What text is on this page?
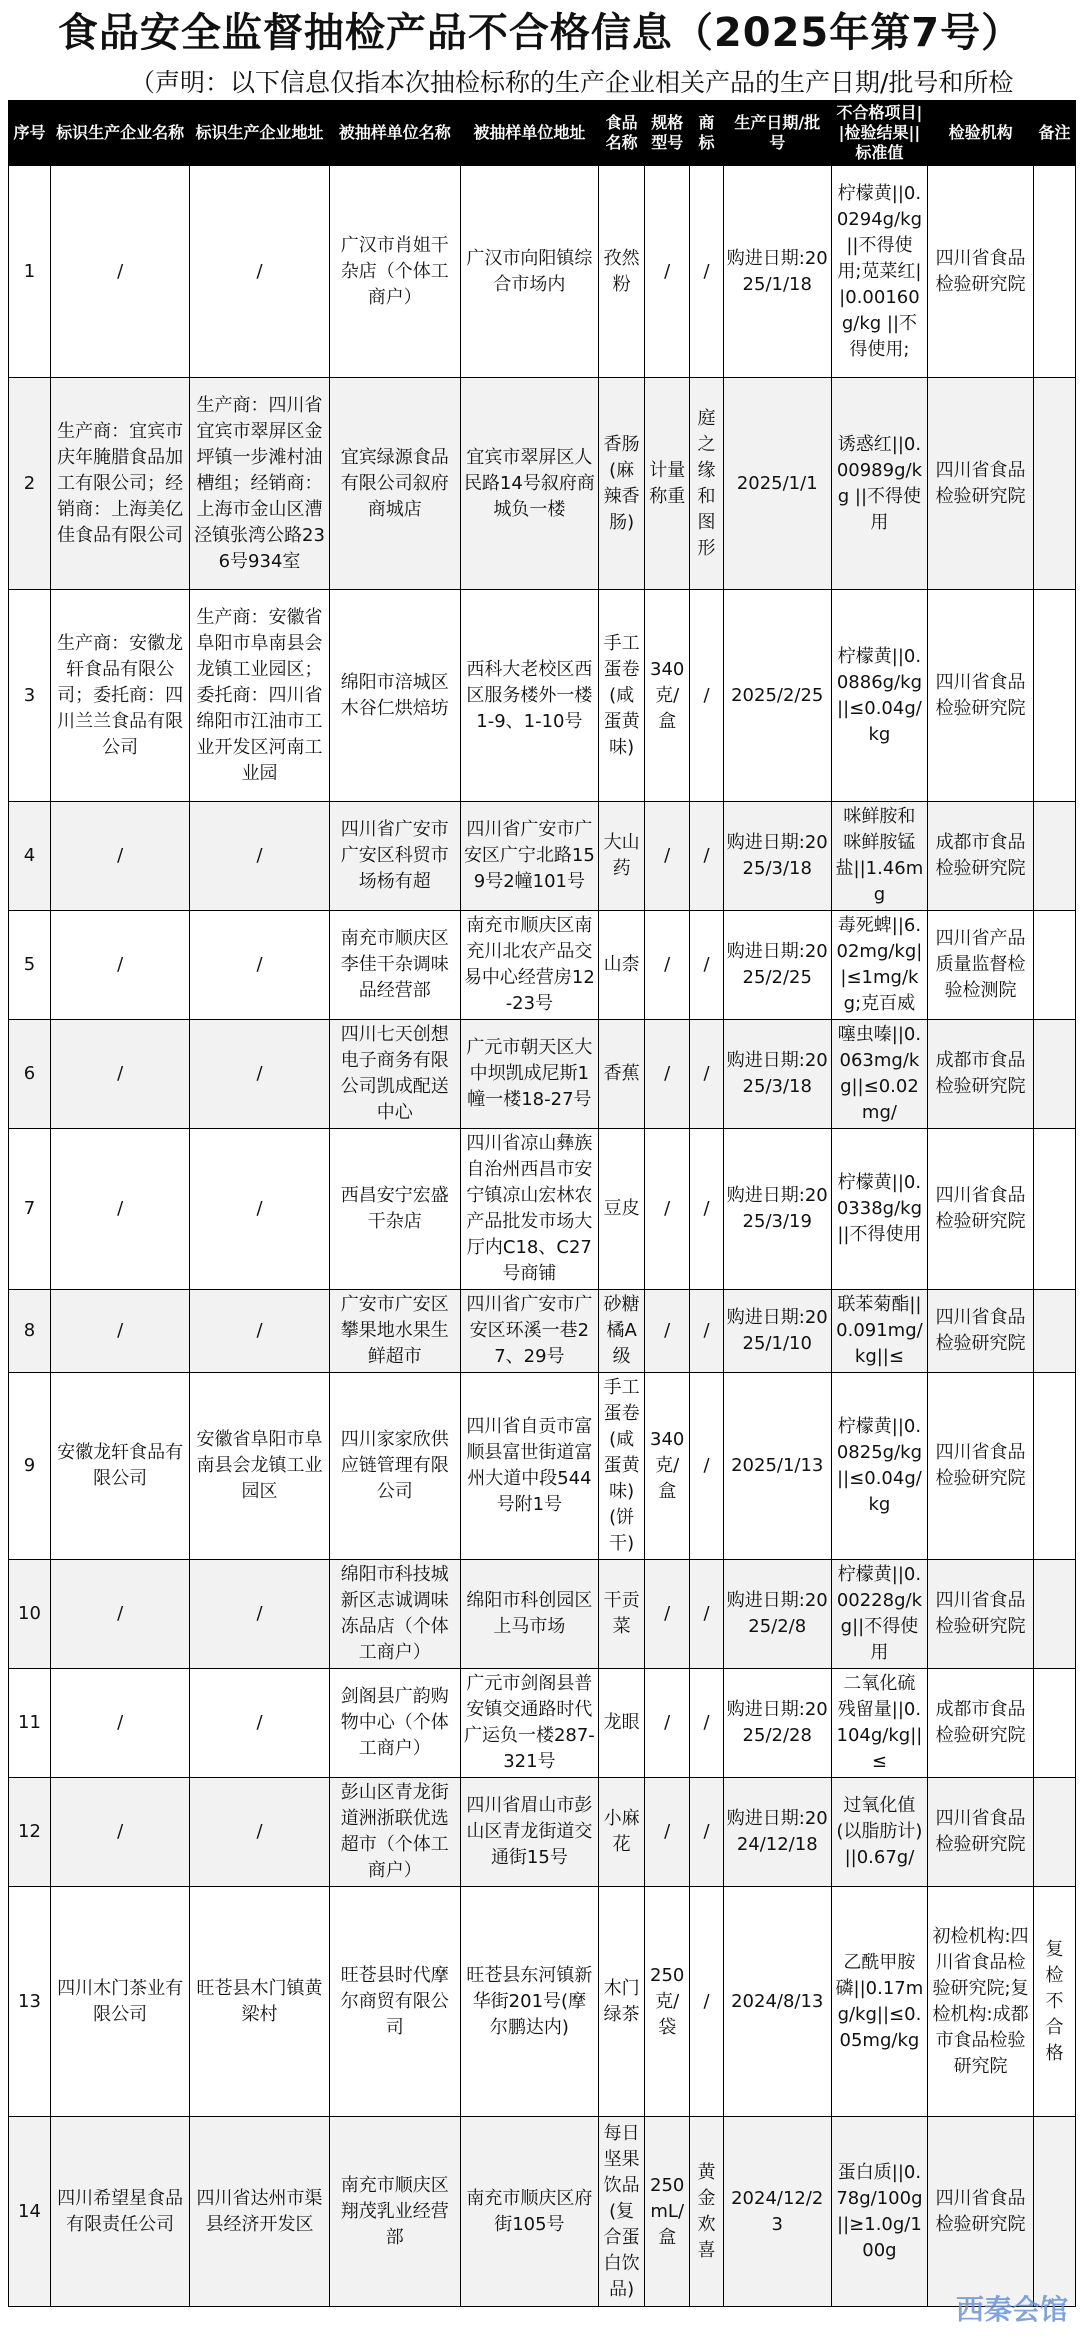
食品安全监督抽检产品不合格信息（2025年第7号）
（声明：以下信息仅指本次抽检标称的生产企业相关产品的生产日期/批号和所检
序号	标识生产企业名称	标识生产企业地址	被抽样单位名称	被抽样单位地址	食品名称	规格型号	商标	生产日期/批号	不合格项目||检验结果||标准值	检验机构	备注
1	/	/	广汉市肖姐干杂店（个体工商户）	广汉市向阳镇综合市场内	孜然粉	/	/	购进日期:2025/1/18	柠檬黄||0.0294g/kg ||不得使用;苋菜红||0.00160g/kg ||不得使用;	四川省食品检验研究院	
2	生产商：宜宾市庆年腌腊食品加工有限公司；经销商：上海美亿佳食品有限公司	生产商：四川省宜宾市翠屏区金坪镇一步滩村油槽组；经销商：上海市金山区漕泾镇张湾公路236号934室	宜宾绿源食品有限公司叙府商城店	宜宾市翠屏区人民路14号叙府商城负一楼	香肠(麻辣香肠)	计量称重	庭之缘和图形	2025/1/1	诱惑红||0.00989g/kg ||不得使用	四川省食品检验研究院	
3	生产商：安徽龙轩食品有限公司；委托商：四川兰兰食品有限公司	生产商：安徽省阜阳市阜南县会龙镇工业园区；委托商：四川省绵阳市江油市工业开发区河南工业园	绵阳市涪城区木谷仁烘焙坊	西科大老校区西区服务楼外一楼1-9、1-10号	手工蛋卷(咸蛋黄味)	340克/盒	/	2025/2/25	柠檬黄||0.0886g/kg ||≤0.04g/kg	四川省食品检验研究院	
4	/	/	四川省广安市广安区科贸市场杨有超	四川省广安市广安区广宁北路159号2幢101号	大山药	/	/	购进日期:2025/3/18	咪鲜胺和咪鲜胺锰盐||1.46mg	成都市食品检验研究院	
5	/	/	南充市顺庆区李佳干杂调味品经营部	南充市顺庆区南充川北农产品交易中心经营房12-23号	山柰	/	/	购进日期:2025/2/25	毒死蜱||6.02mg/kg||≤1mg/kg;克百威	四川省产品质量监督检验检测院	
6	/	/	四川七天创想电子商务有限公司凯成配送中心	广元市朝天区大中坝凯成尼斯1幢一楼18-27号	香蕉	/	/	购进日期:2025/3/18	噻虫嗪||0.063mg/kg||≤0.02mg/	成都市食品检验研究院	
7	/	/	西昌安宁宏盛干杂店	四川省凉山彝族自治州西昌市安宁镇凉山宏林农产品批发市场大厅内C18、C27号商铺	豆皮	/	/	购进日期:2025/3/19	柠檬黄||0.0338g/kg||不得使用	四川省食品检验研究院	
8	/	/	广安市广安区攀果地水果生鲜超市	四川省广安市广安区环溪一巷27、29号	砂糖橘A级	/	/	购进日期:2025/1/10	联苯菊酯||0.091mg/kg||≤	四川省食品检验研究院	
9	安徽龙轩食品有限公司	安徽省阜阳市阜南县会龙镇工业园区	四川家家欣供应链管理有限公司	四川省自贡市富顺县富世街道富州大道中段544号附1号	手工蛋卷(咸蛋黄味)(饼干)	340克/盒	/	2025/1/13	柠檬黄||0.0825g/kg||≤0.04g/kg	四川省食品检验研究院	
10	/	/	绵阳市科技城新区志诚调味冻品店（个体工商户）	绵阳市科创园区上马市场	干贡菜	/	/	购进日期:2025/2/8	柠檬黄||0.00228g/kg||不得使用	四川省食品检验研究院	
11	/	/	剑阁县广韵购物中心（个体工商户）	广元市剑阁县普安镇交通路时代广运负一楼287-321号	龙眼	/	/	购进日期:2025/2/28	二氧化硫残留量||0.104g/kg||≤	成都市食品检验研究院	
12	/	/	彭山区青龙街道洲浙联优选超市（个体工商户）	四川省眉山市彭山区青龙街道交通街15号	小麻花	/	/	购进日期:2024/12/18	过氧化值(以脂肪计)||0.67g/	四川省食品检验研究院	
13	四川木门茶业有限公司	旺苍县木门镇黄梁村	旺苍县时代摩尔商贸有限公司	旺苍县东河镇新华街201号(摩尔鹏达内)	木门绿茶	250克/袋	/	2024/8/13	乙酰甲胺磷||0.17mg/kg||≤0.05mg/kg	初检机构:四川省食品检验研究院;复检机构:成都市食品检验研究院	复检不合格
14	四川希望星食品有限责任公司	四川省达州市渠县经济开发区	南充市顺庆区翔茂乳业经营部	南充市顺庆区府街105号	每日坚果饮品(复合蛋白饮品)	250mL/盒	黄金欢喜	2024/12/23	蛋白质||0.78g/100g||≥1.0g/100g	四川省食品检验研究院	
西秦会馆
